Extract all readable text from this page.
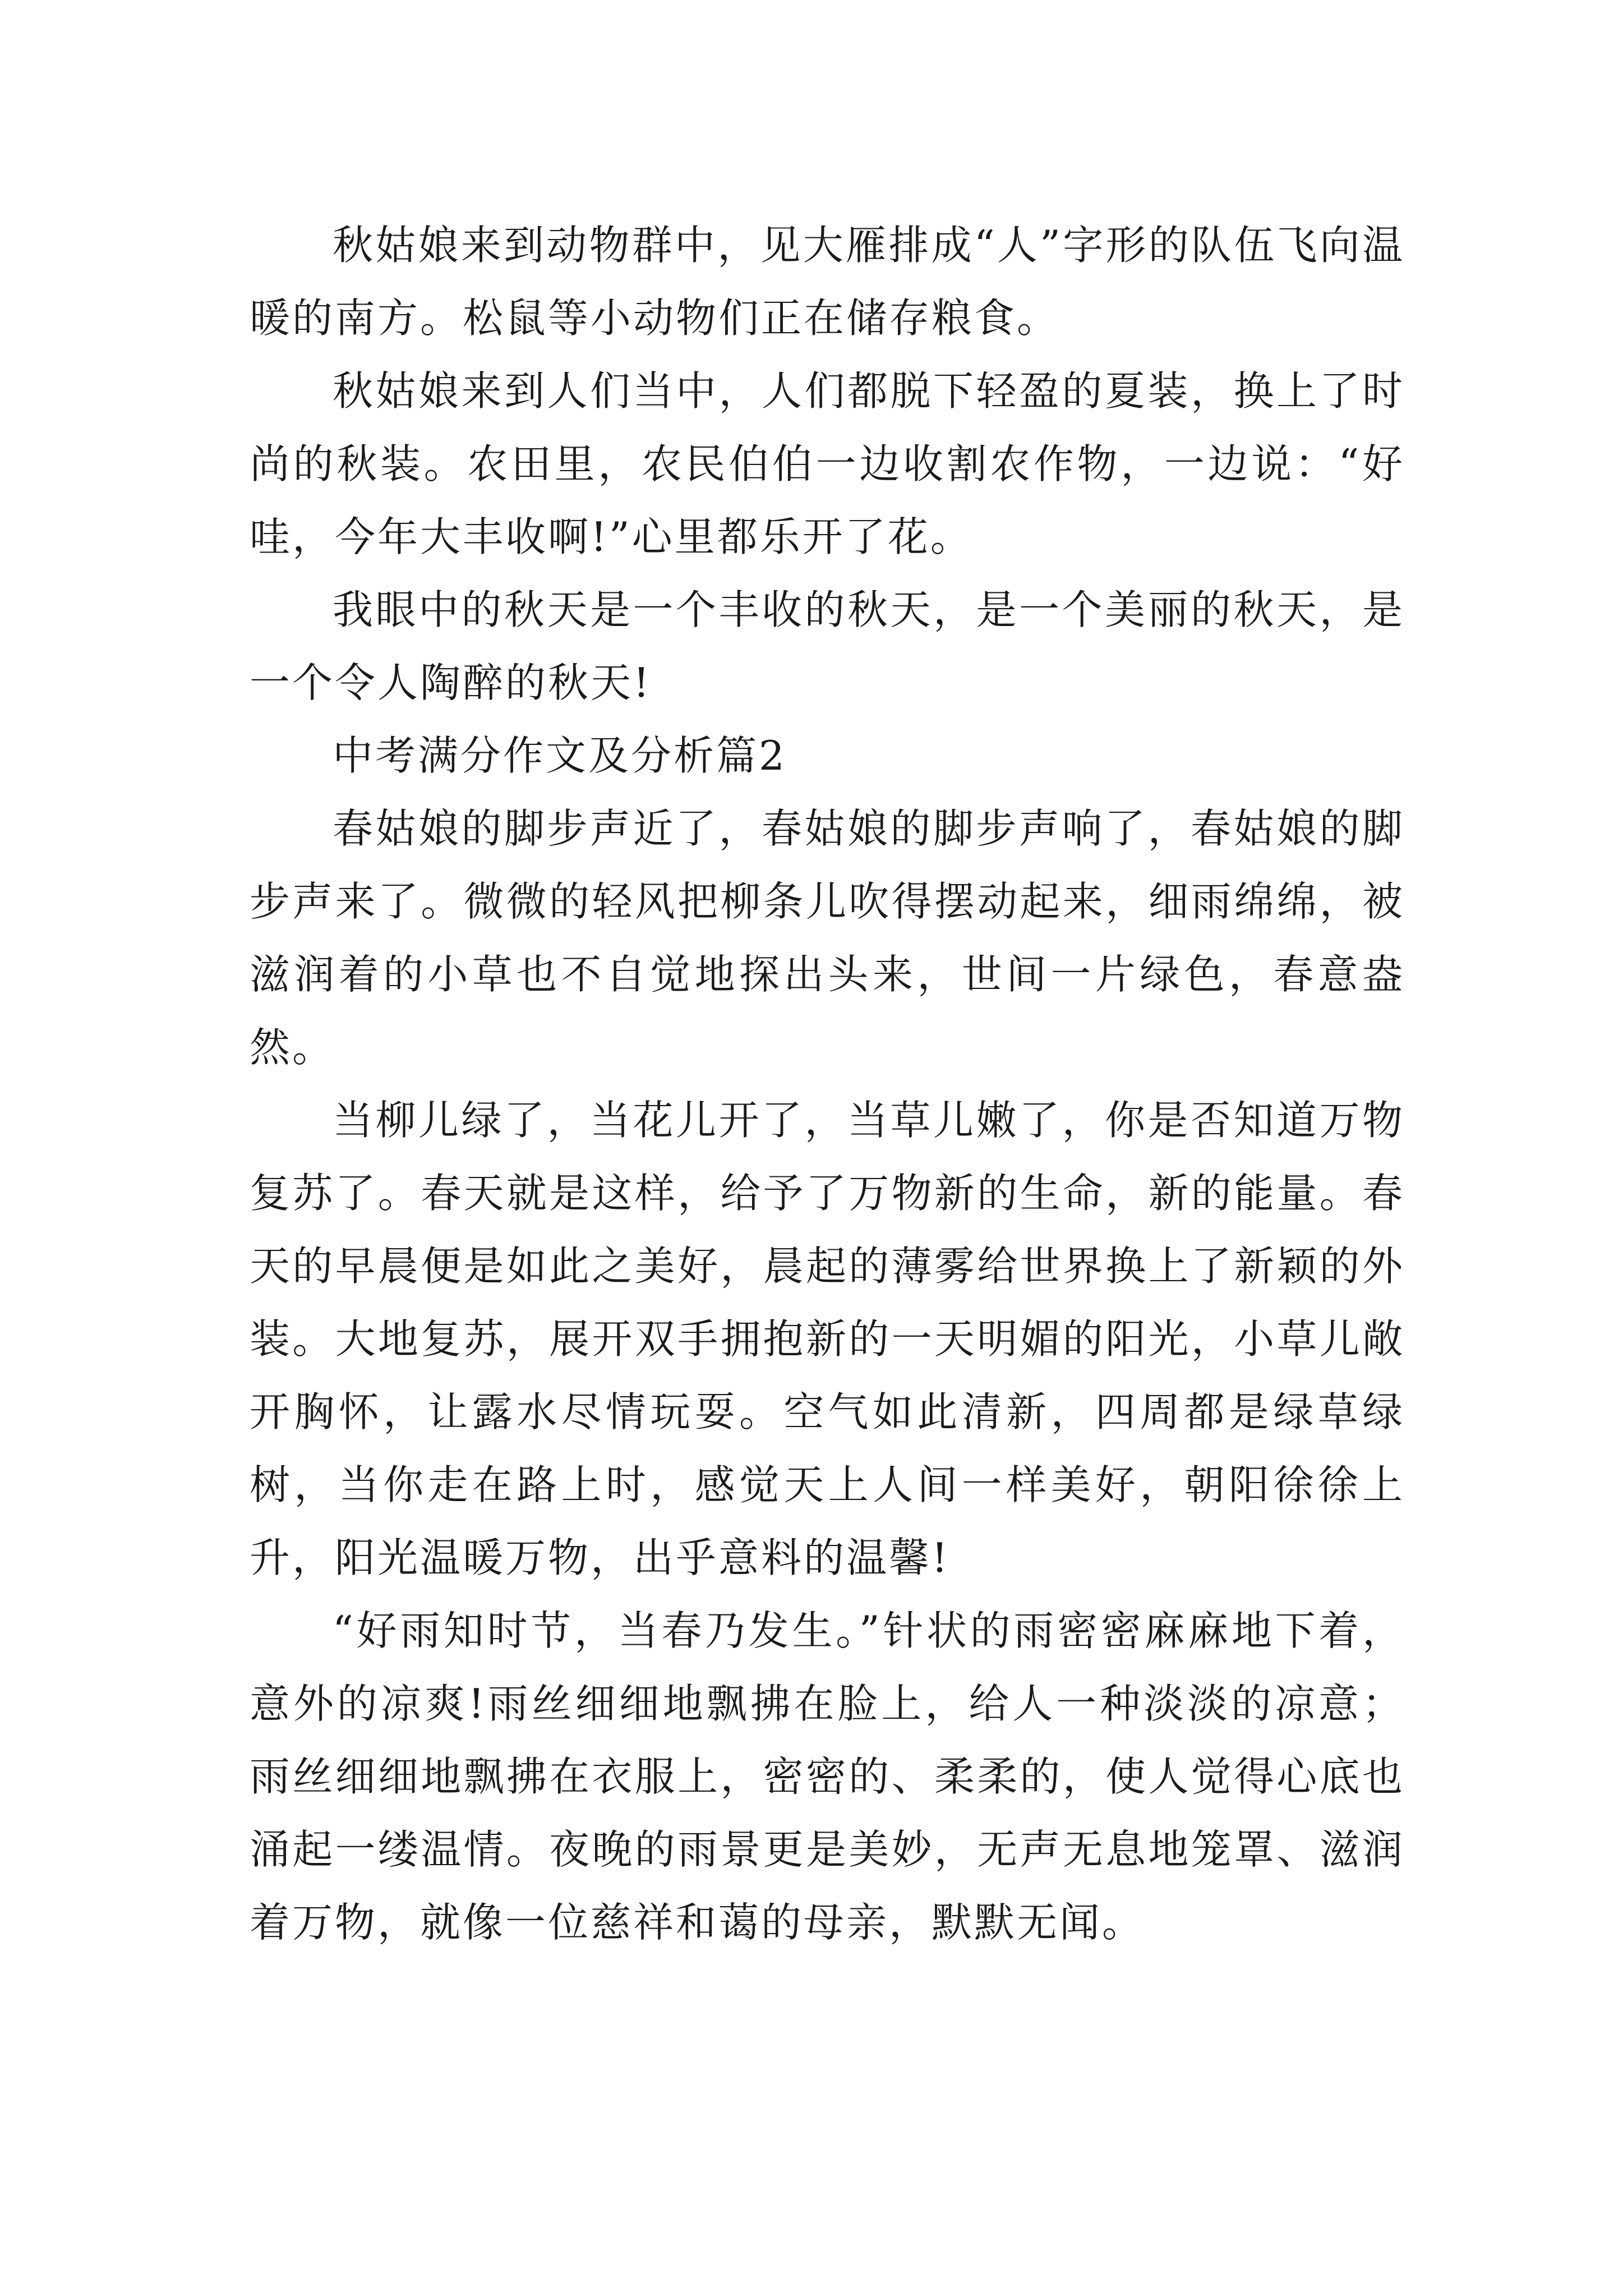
秋姑娘来到动物群中，见大雁排成“人”字形的队伍飞向温暖的南方。松鼠等小动物们正在储存粮食。

秋姑娘来到人们当中，人们都脱下轻盈的夏装，换上了时尚的秋装。农田里，农民伯伯一边收割农作物，一边说：“好哇，今年大丰收啊!”心里都乐开了花。

我眼中的秋天是一个丰收的秋天，是一个美丽的秋天，是一个令人陶醉的秋天!

中考满分作文及分析篇2

春姑娘的脚步声近了，春姑娘的脚步声响了，春姑娘的脚步声来了。微微的轻风把柳条儿吹得摆动起来，细雨绵绵，被滋润着的小草也不自觉地探出头来，世间一片绿色，春意盎然。

当柳儿绿了，当花儿开了，当草儿嫩了，你是否知道万物复苏了。春天就是这样，给予了万物新的生命，新的能量。春天的早晨便是如此之美好，晨起的薄雾给世界换上了新颖的外装。大地复苏，展开双手拥抱新的一天明媚的阳光，小草儿敞开胸怀，让露水尽情玩耍。空气如此清新，四周都是绿草绿树，当你走在路上时，感觉天上人间一样美好，朝阳徐徐上升，阳光温暖万物，出乎意料的温馨!

“好雨知时节，当春乃发生。”针状的雨密密麻麻地下着，意外的凉爽!雨丝细细地飘拂在脸上，给人一种淡淡的凉意；雨丝细细地飘拂在衣服上，密密的、柔柔的，使人觉得心底也涌起一缕温情。夜晚的雨景更是美妙，无声无息地笼罩、滋润着万物，就像一位慈祥和蔼的母亲，默默无闻。
